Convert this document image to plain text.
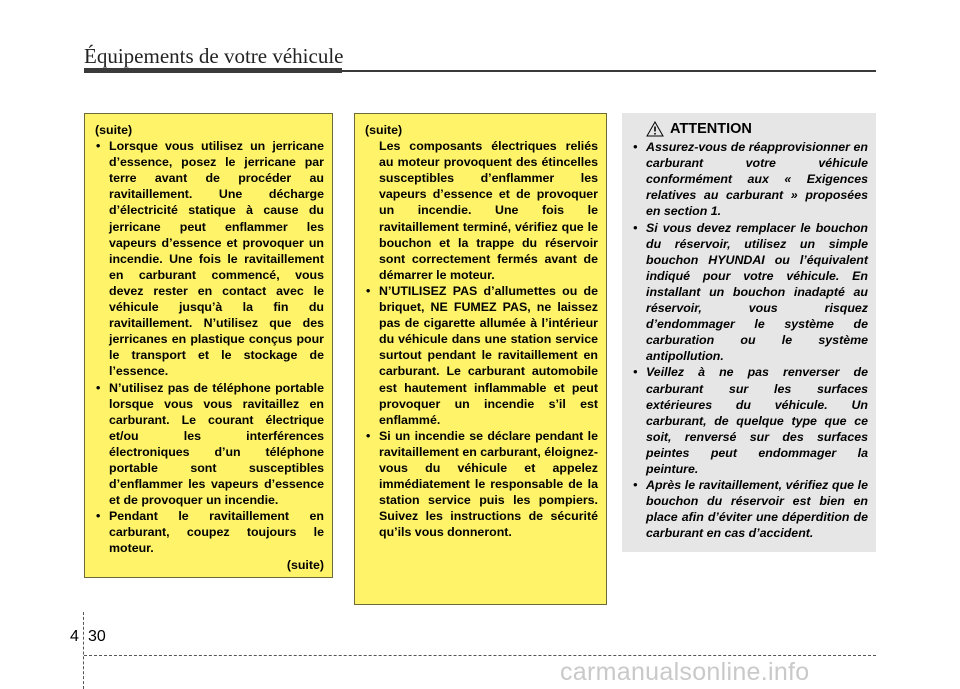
Équipements de votre véhicule

(suite)

• Lorsque vous utilisez un jerricane d’essence, posez le jerricane par terre avant de procéder au ravitaillement. Une décharge d’électricité statique à cause du jerricane peut enflammer les vapeurs d’essence et provoquer un incendie. Une fois le ravitaillement en carburant commencé, vous devez rester en contact avec le véhicule jusqu’à la fin du ravitaillement. N’utilisez que des jerricanes en plastique conçus pour le transport et le stockage de l’essence.
• N’utilisez pas de téléphone portable lorsque vous vous ravitaillez en carburant. Le courant électrique et/ou les interférences électroniques d’un téléphone portable sont susceptibles d’enflammer les vapeurs d’essence et de provoquer un incendie.
• Pendant le ravitaillement en carburant, coupez toujours le moteur.

(suite)

(suite)

Les composants électriques reliés au moteur provoquent des étincelles susceptibles d’enflammer les vapeurs d’essence et de provoquer un incendie. Une fois le ravitaillement terminé, vérifiez que le bouchon et la trappe du réservoir sont correctement fermés avant de démarrer le moteur.

• N’UTILISEZ PAS d’allumettes ou de briquet, NE FUMEZ PAS, ne laissez pas de cigarette allumée à l’intérieur du véhicule dans une station service surtout pendant le ravitaillement en carburant. Le carburant automobile est hautement inflammable et peut provoquer un incendie s’il est enflammé.
• Si un incendie se déclare pendant le ravitaillement en carburant, éloignez-vous du véhicule et appelez immédiatement le responsable de la station service puis les pompiers. Suivez les instructions de sécurité qu’ils vous donneront.
ATTENTION
• Assurez-vous de réapprovisionner en carburant votre véhicule conformément aux « Exigences relatives au carburant » proposées en section 1.
• Si vous devez remplacer le bouchon du réservoir, utilisez un simple bouchon HYUNDAI ou l’équivalent indiqué pour votre véhicule. En installant un bouchon inadapté au réservoir, vous risquez d’endommager le système de carburation ou le système antipollution.
• Veillez à ne pas renverser de carburant sur les surfaces extérieures du véhicule. Un carburant, de quelque type que ce soit, renversé sur des surfaces peintes peut endommager la peinture.
• Après le ravitaillement, vérifiez que le bouchon du réservoir est bien en place afin d’éviter une déperdition de carburant en cas d’accident.
4 30
carmanualsonline.info
